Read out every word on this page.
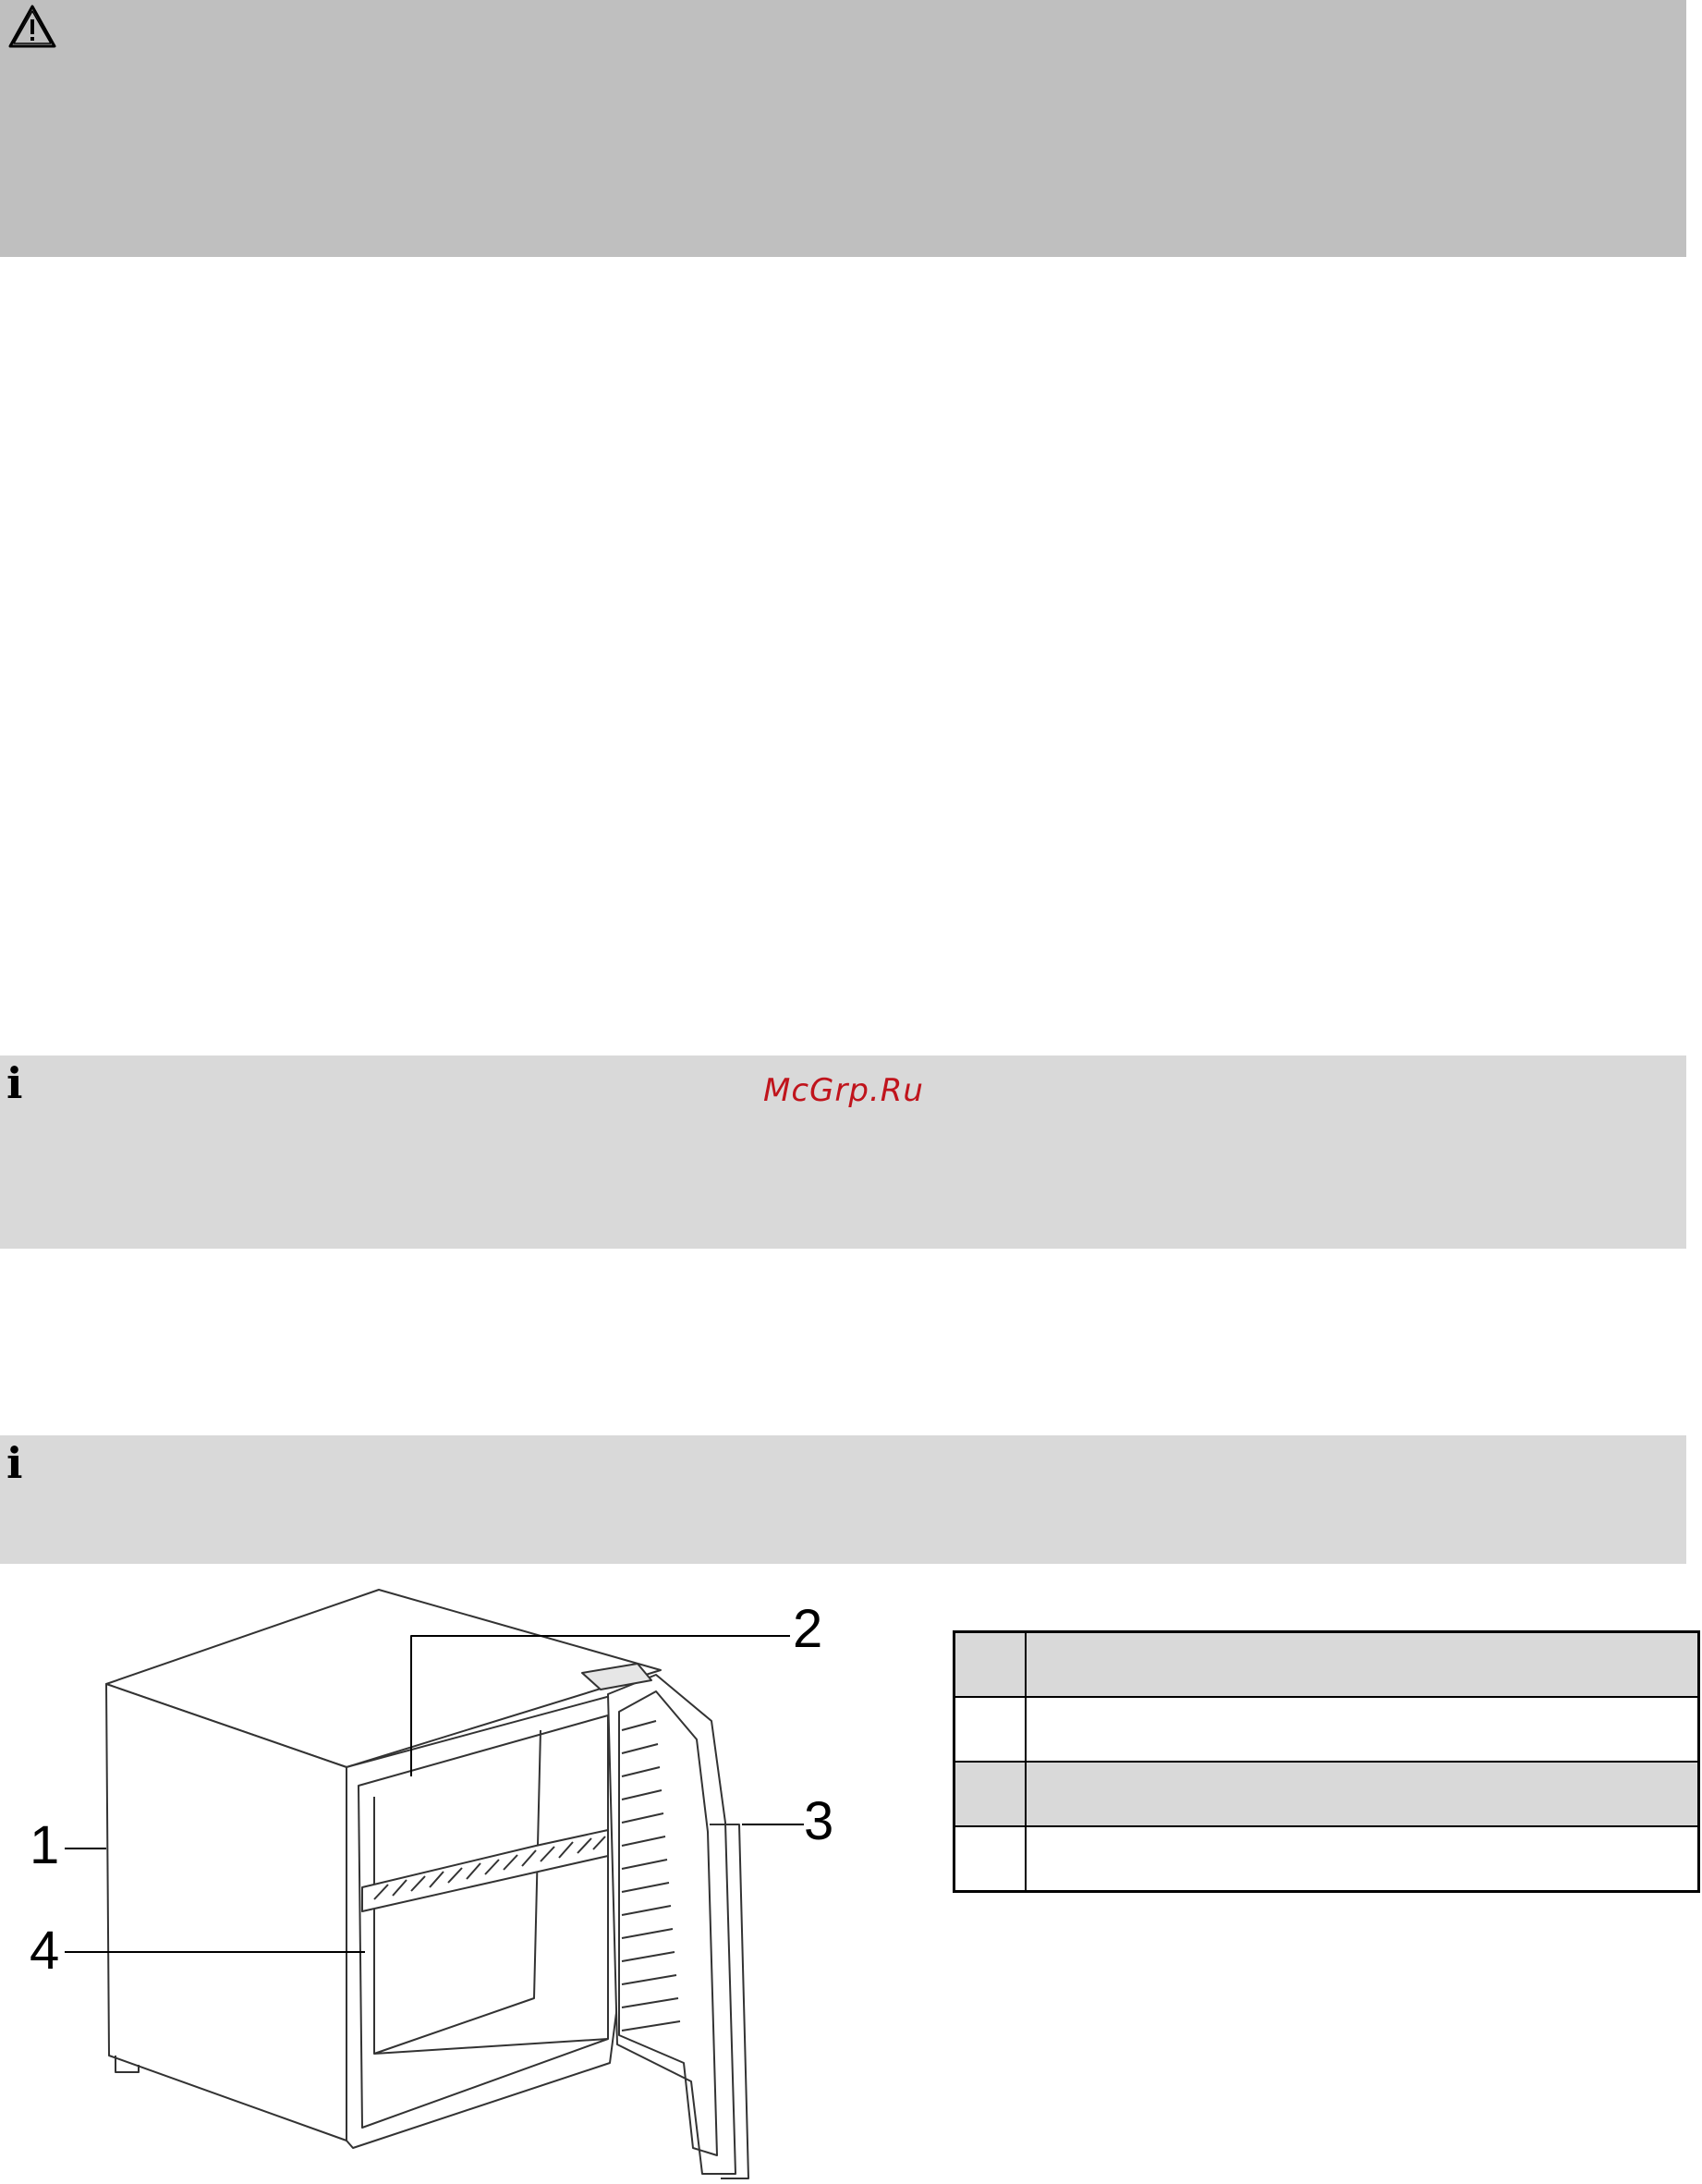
i	McGrp.Ru
i
1
2
3
4
